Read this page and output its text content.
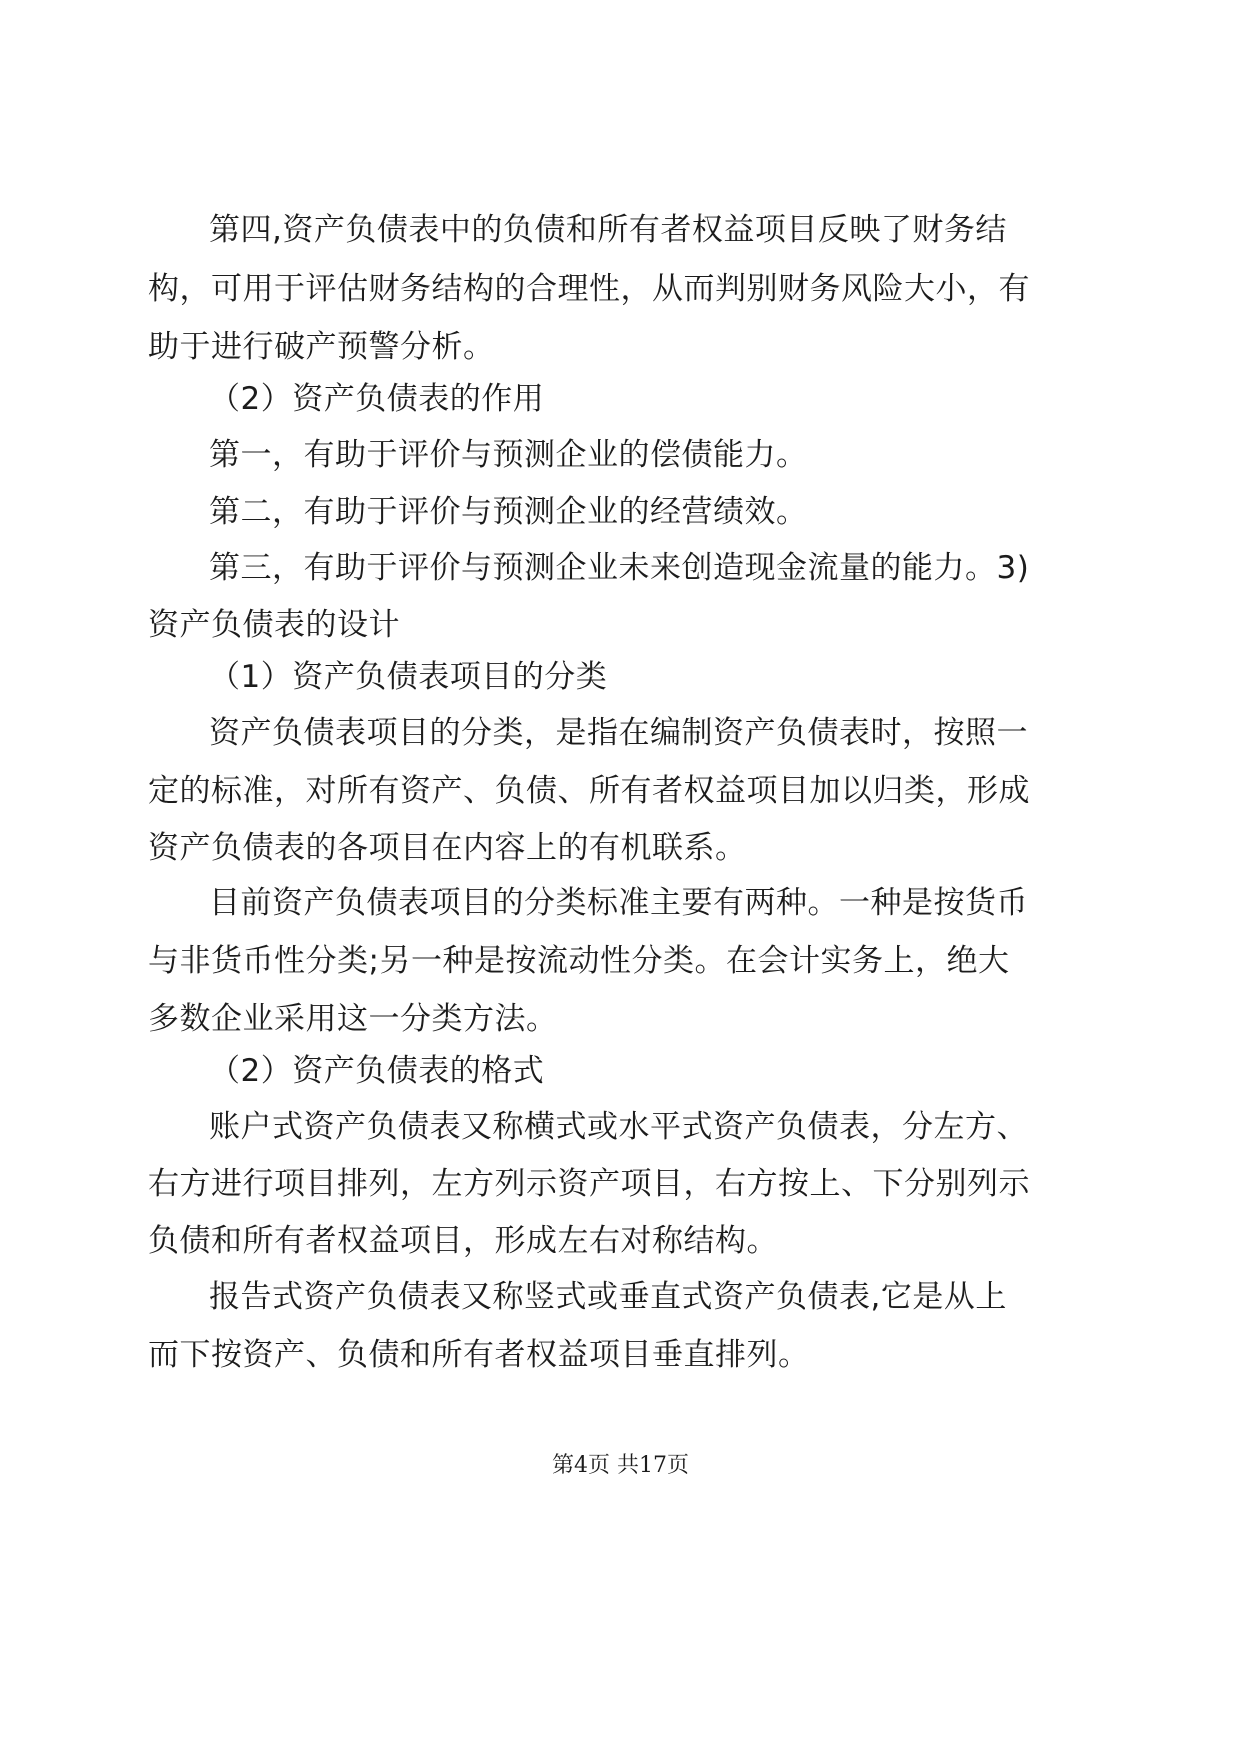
第四,资产负债表中的负债和所有者权益项目反映了财务结
构，可用于评估财务结构的合理性，从而判别财务风险大小，有
助于进行破产预警分析。
（2）资产负债表的作用
第一，有助于评价与预测企业的偿债能力。
第二，有助于评价与预测企业的经营绩效。
第三，有助于评价与预测企业未来创造现金流量的能力。3)
资产负债表的设计
（1）资产负债表项目的分类
资产负债表项目的分类，是指在编制资产负债表时，按照一
定的标准，对所有资产、负债、所有者权益项目加以归类，形成
资产负债表的各项目在内容上的有机联系。
目前资产负债表项目的分类标准主要有两种。一种是按货币
与非货币性分类;另一种是按流动性分类。在会计实务上，绝大
多数企业采用这一分类方法。
（2）资产负债表的格式
账户式资产负债表又称横式或水平式资产负债表，分左方、
右方进行项目排列，左方列示资产项目，右方按上、下分别列示
负债和所有者权益项目，形成左右对称结构。
报告式资产负债表又称竖式或垂直式资产负债表,它是从上
而下按资产、负债和所有者权益项目垂直排列。
第4页 共17页
